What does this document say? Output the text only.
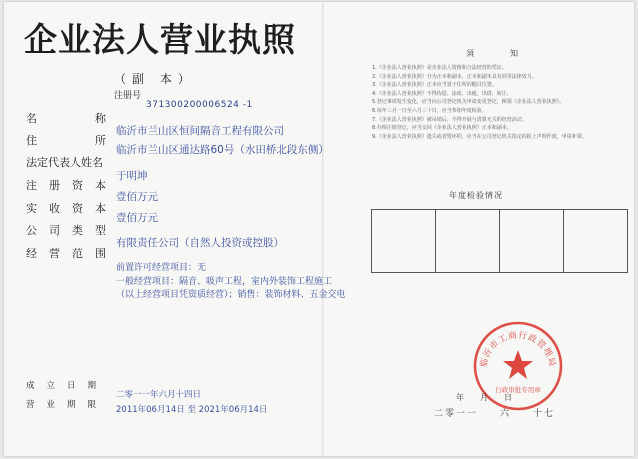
企业法人营业执照
（副 本）
注册号
371300200006524 -1
名　　　称
临沂市兰山区恒间隔音工程有限公司
住　　　所
临沂市兰山区通达路60号（水田桥北段东侧）
法定代表人姓名
于明坤
注 册 资 本
壹佰万元
实 收 资 本
壹佰万元
公 司 类 型
有限责任公司（自然人投资或控股）
经 营 范 围
前置许可经营项目：无
一般经营项目：隔音、吸声工程，室内外装饰工程施工
（以上经营项目凭资质经营）；销售：装饰材料、五金交电
成 立 日 期
二零一一年六月十四日
营 业 期 限 2011年06月14日 至 2021年06月14日
須　知
1.《企业法人营业执照》是企业法人资格和合法经营的凭证。
2.《企业法人营业执照》分为正本和副本，正本和副本具有同等法律效力。
3.《企业法人营业执照》正本应当置于住所的醒目位置。
4.《企业法人营业执照》不得伪造、涂改、出租、出借、转让。
5.登记事项发生变化，应当向公司登记机关申请变更登记，换领《企业法人营业执照》。
6.每年三月一日至六月三十日，应当参加年度检验。
7.《企业法人营业执照》被吊销后，不得开展与清算无关的经营活动。
8.办理注销登记，应当交回《企业法人营业执照》正本和副本。
9.《企业法人营业执照》遗失或者毁坏的，应当在公司登记机关指定的报上声明作废，申请补领。
年度检验情况
临沂市工商行政管理局
行政审批专用章
年　　月　　日
二零一一　　六　　十七
